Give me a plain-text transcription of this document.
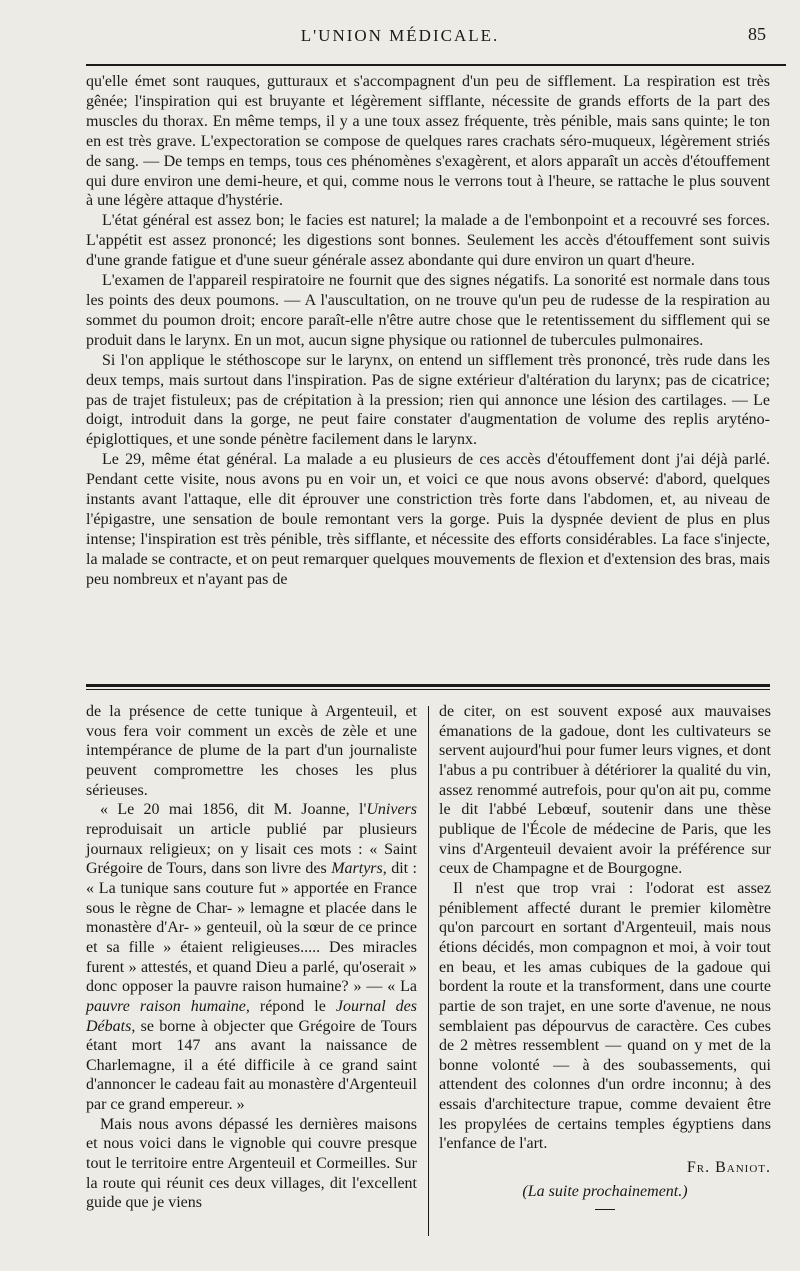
L'UNION MÉDICALE.	85

qu'elle émet sont rauques, gutturaux et s'accompagnent d'un peu de sifflement. La respiration est très gênée; l'inspiration qui est bruyante et légèrement sifflante, nécessite de grands efforts de la part des muscles du thorax. En même temps, il y a une toux assez fréquente, très pénible, mais sans quinte; le ton en est très grave. L'expectoration se compose de quelques rares crachats séro-muqueux, légèrement striés de sang. — De temps en temps, tous ces phénomènes s'exagèrent, et alors apparaît un accès d'étouffement qui dure environ une demi-heure, et qui, comme nous le verrons tout à l'heure, se rattache le plus souvent à une légère attaque d'hystérie.

L'état général est assez bon; le facies est naturel; la malade a de l'embonpoint et a recouvré ses forces. L'appétit est assez prononcé; les digestions sont bonnes. Seulement les accès d'étouffement sont suivis d'une grande fatigue et d'une sueur générale assez abondante qui dure environ un quart d'heure.

L'examen de l'appareil respiratoire ne fournit que des signes négatifs. La sonorité est normale dans tous les points des deux poumons. — A l'auscultation, on ne trouve qu'un peu de rudesse de la respiration au sommet du poumon droit; encore paraît-elle n'être autre chose que le retentissement du sifflement qui se produit dans le larynx. En un mot, aucun signe physique ou rationnel de tubercules pulmonaires.

Si l'on applique le stéthoscope sur le larynx, on entend un sifflement très prononcé, très rude dans les deux temps, mais surtout dans l'inspiration. Pas de signe extérieur d'altération du larynx; pas de cicatrice; pas de trajet fistuleux; pas de crépitation à la pression; rien qui annonce une lésion des cartilages. — Le doigt, introduit dans la gorge, ne peut faire constater d'augmentation de volume des replis aryténo-épiglottiques, et une sonde pénètre facilement dans le larynx.

Le 29, même état général. La malade a eu plusieurs de ces accès d'étouffement dont j'ai déjà parlé. Pendant cette visite, nous avons pu en voir un, et voici ce que nous avons observé: d'abord, quelques instants avant l'attaque, elle dit éprouver une constriction très forte dans l'abdomen, et, au niveau de l'épigastre, une sensation de boule remontant vers la gorge. Puis la dyspnée devient de plus en plus intense; l'inspiration est très pénible, très sifflante, et nécessite des efforts considérables. La face s'injecte, la malade se contracte, et on peut remarquer quelques mouvements de flexion et d'extension des bras, mais peu nombreux et n'ayant pas de

de la présence de cette tunique à Argenteuil, et vous fera voir comment un excès de zèle et une intempérance de plume de la part d'un journaliste peuvent compromettre les choses les plus sérieuses.

« Le 20 mai 1856, dit M. Joanne, l'Univers reproduisait un article publié par plusieurs journaux religieux; on y lisait ces mots : « Saint Grégoire de Tours, dans son livre des Martyrs, dit : « La tunique sans couture fut » apportée en France sous le règne de Char- » lemagne et placée dans le monastère d'Ar- » genteuil, où la sœur de ce prince et sa fille » étaient religieuses..... Des miracles furent » attestés, et quand Dieu a parlé, qu'oserait » donc opposer la pauvre raison humaine? » — « La pauvre raison humaine, répond le Journal des Débats, se borne à objecter que Grégoire de Tours étant mort 147 ans avant la naissance de Charlemagne, il a été difficile à ce grand saint d'annoncer le cadeau fait au monastère d'Argenteuil par ce grand empereur. »

Mais nous avons dépassé les dernières maisons et nous voici dans le vignoble qui couvre presque tout le territoire entre Argenteuil et Cormeilles. Sur la route qui réunit ces deux villages, dit l'excellent guide que je viens

de citer, on est souvent exposé aux mauvaises émanations de la gadoue, dont les cultivateurs se servent aujourd'hui pour fumer leurs vignes, et dont l'abus a pu contribuer à détériorer la qualité du vin, assez renommé autrefois, pour qu'on ait pu, comme le dit l'abbé Lebœuf, soutenir dans une thèse publique de l'École de médecine de Paris, que les vins d'Argenteuil devaient avoir la préférence sur ceux de Champagne et de Bourgogne.

Il n'est que trop vrai : l'odorat est assez péniblement affecté durant le premier kilomètre qu'on parcourt en sortant d'Argenteuil, mais nous étions décidés, mon compagnon et moi, à voir tout en beau, et les amas cubiques de la gadoue qui bordent la route et la transforment, dans une courte partie de son trajet, en une sorte d'avenue, ne nous semblaient pas dépourvus de caractère. Ces cubes de 2 mètres ressemblent — quand on y met de la bonne volonté — à des soubassements, qui attendent des colonnes d'un ordre inconnu; à des essais d'architecture trapue, comme devaient être les propylées de certains temples égyptiens dans l'enfance de l'art.

Fr. Baniot.
(La suite prochainement.)
